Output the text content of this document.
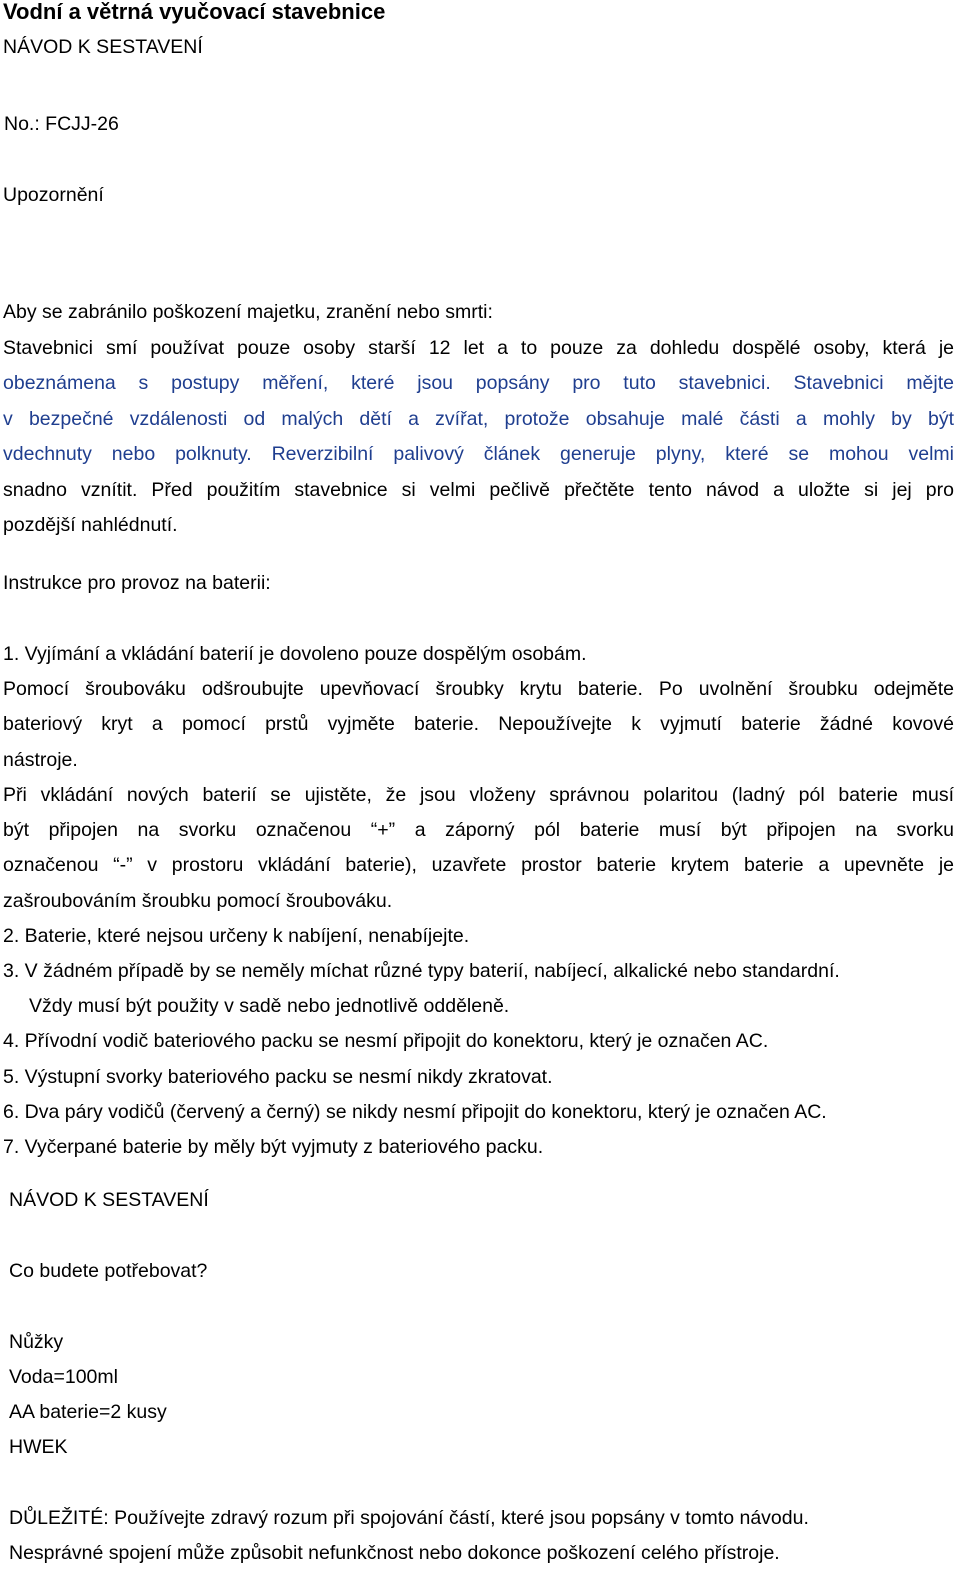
Vodní a větrná vyučovací stavebnice

NÁVOD K SESTAVENÍ

No.: FCJJ-26

Upozornění

Aby se zabránilo poškození majetku, zranění nebo smrti:

Stavebnici smí používat pouze osoby starší 12 let a to pouze za dohledu dospělé osoby, která je

obeznámena s postupy měření, které jsou popsány pro tuto stavebnici. Stavebnici mějte

v bezpečné vzdálenosti od malých dětí a zvířat, protože obsahuje malé části a mohly by být

vdechnuty nebo polknuty. Reverzibilní palivový článek generuje plyny, které se mohou velmi

snadno vznítit. Před použitím stavebnice si velmi pečlivě přečtěte tento návod a uložte si jej pro

pozdější nahlédnutí.

Instrukce pro provoz na baterii:

1. Vyjímání a vkládání baterií je dovoleno pouze dospělým osobám.

Pomocí šroubováku odšroubujte upevňovací šroubky krytu baterie. Po uvolnění šroubku odejměte

bateriový kryt a pomocí prstů vyjměte baterie. Nepoužívejte k vyjmutí baterie žádné kovové

nástroje.

Při vkládání nových baterií se ujistěte, že jsou vloženy správnou polaritou (ladný pól baterie musí

být připojen na svorku označenou “+” a záporný pól baterie musí být připojen na svorku

označenou “-” v prostoru vkládání baterie), uzavřete prostor baterie krytem baterie a upevněte je

zašroubováním šroubku pomocí šroubováku.

2. Baterie, které nejsou určeny k nabíjení, nenabíjejte.

3. V žádném případě by se neměly míchat různé typy baterií, nabíjecí, alkalické nebo standardní.

Vždy musí být použity v sadě nebo jednotlivě odděleně.

4. Přívodní vodič bateriového packu se nesmí připojit do konektoru, který je označen AC.

5. Výstupní svorky bateriového packu se nesmí nikdy zkratovat.

6. Dva páry vodičů (červený a černý) se nikdy nesmí připojit do konektoru, který je označen AC.

7. Vyčerpané baterie by měly být vyjmuty z bateriového packu.

NÁVOD K SESTAVENÍ

Co budete potřebovat?

Nůžky

Voda=100ml

AA baterie=2 kusy

HWEK

DŮLEŽITÉ: Používejte zdravý rozum při spojování částí, které jsou popsány v tomto návodu.

Nesprávné spojení může způsobit nefunkčnost nebo dokonce poškození celého přístroje.
